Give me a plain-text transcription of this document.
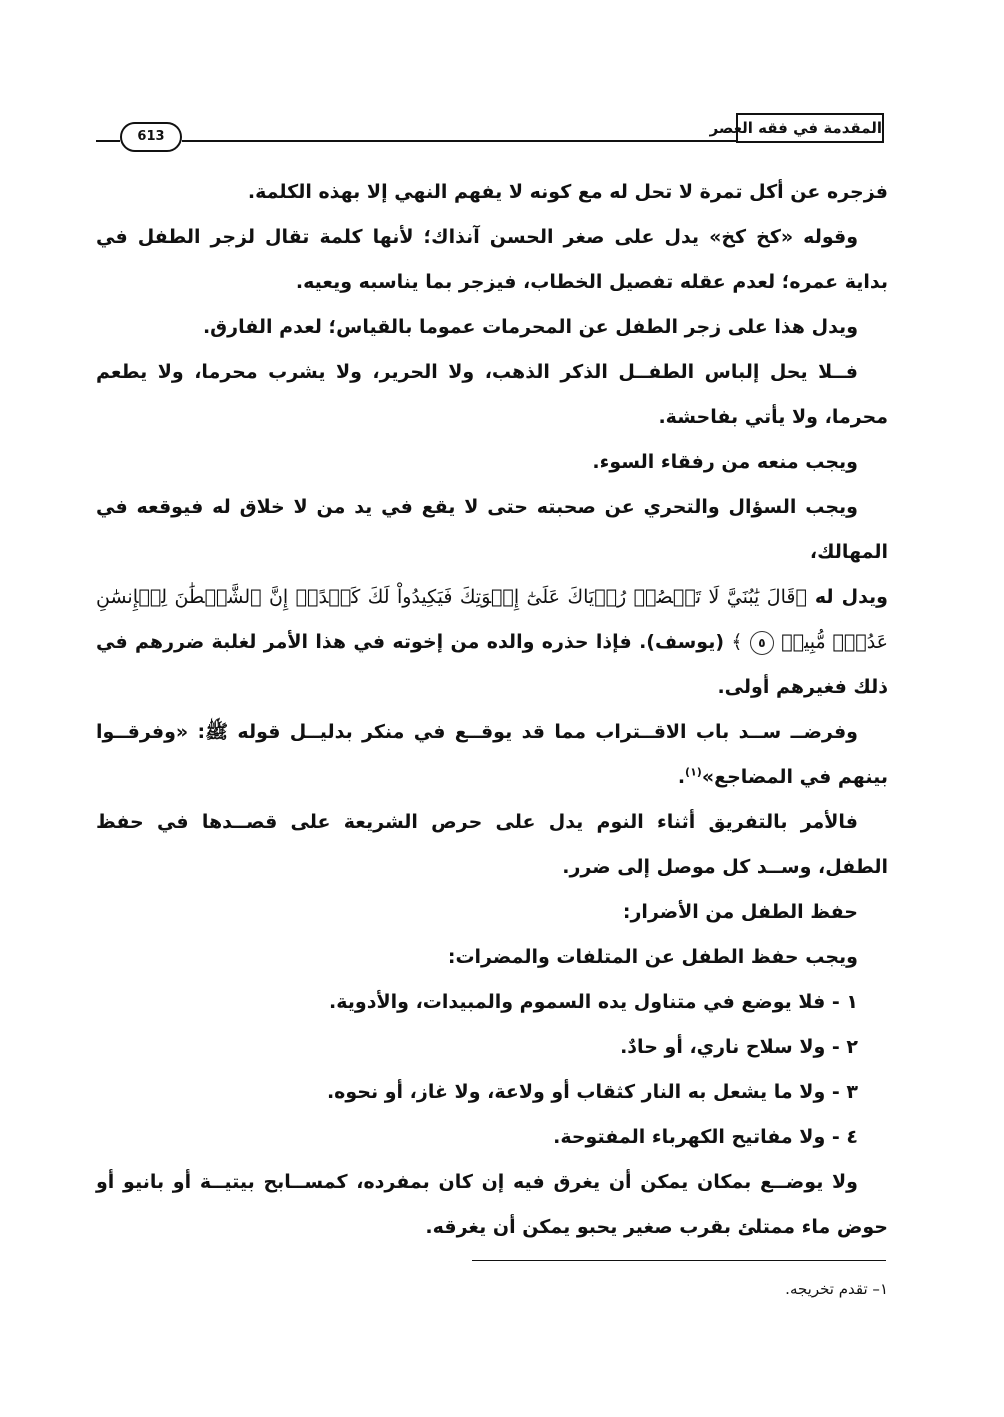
المقدمة في فقه العصر
613

فزجره عن أكل تمرة لا تحل له مع كونه لا يفهم النهي إلا بهذه الكلمة.

وقوله «كخ كخ» يدل على صغر الحسن آنذاك؛ لأنها كلمة تقال لزجر الطفل في بداية عمره؛ لعدم عقله تفصيل الخطاب، فيزجر بما يناسبه ويعيه.

ويدل هذا على زجر الطفل عن المحرمات عموما بالقياس؛ لعدم الفارق.

فــلا يحل إلباس الطفــل الذكر الذهب، ولا الحرير، ولا يشرب محرما، ولا يطعم محرما، ولا يأتي بفاحشة.

ويجب منعه من رفقاء السوء.

ويجب السؤال والتحري عن صحبته حتى لا يقع في يد من لا خلاق له فيوقعه في المهالك،

ويدل له ﴿قَالَ يَٰبُنَيَّ لَا تَقۡصُصۡ رُءۡيَاكَ عَلَىٰٓ إِخۡوَتِكَ فَيَكِيدُواْ لَكَ كَيۡدًاۖ إِنَّ ٱلشَّيۡطَٰنَ لِلۡإِنسَٰنِ عَدُوّٞ مُّبِينٞ ٥ ﴾ (يوسف). فإذا حذره والده من إخوته في هذا الأمر لغلبة ضررهم في ذلك فغيرهم أولى.

وفرضــ ســد باب الاقــتراب مما قد يوقــع في منكر بدليــل قوله ﷺ: «وفرقــوا بينهم في المضاجع»$^{(١)}$.

فالأمر بالتفريق أثناء النوم يدل على حرص الشريعة على قصــدها في حفظ الطفل، وســد كل موصل إلى ضرر.

حفظ الطفل من الأضرار:

ويجب حفظ الطفل عن المتلفات والمضرات:

١ - فلا يوضع في متناول يده السموم والمبيدات، والأدوية.

٢ - ولا سلاح ناري، أو حادٌ.

٣ - ولا ما يشعل به النار كثقاب أو ولاعة، ولا غاز، أو نحوه.

٤ - ولا مفاتيح الكهرباء المفتوحة.

ولا يوضــع بمكان يمكن أن يغرق فيه إن كان بمفرده، كمســابح بيتيــة أو بانيو أو حوض ماء ممتلئ بقرب صغير يحبو يمكن أن يغرقه.

١– تقدم تخريجه.
